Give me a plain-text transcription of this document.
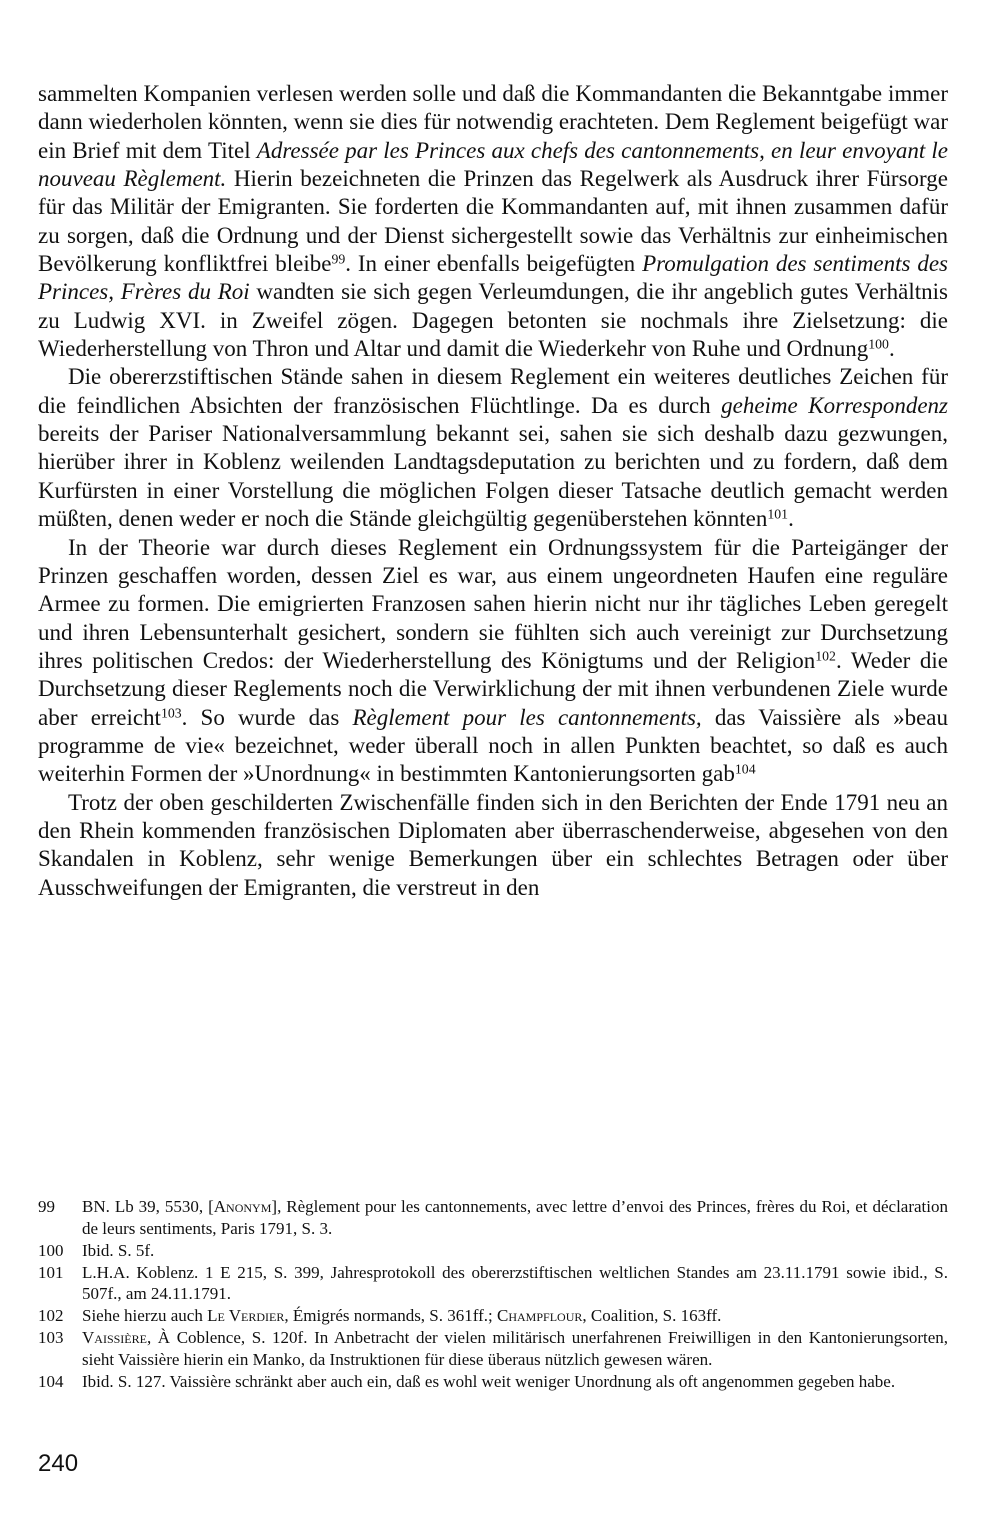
sammelten Kompanien verlesen werden solle und daß die Kommandanten die Bekanntgabe immer dann wiederholen könnten, wenn sie dies für notwendig erachteten. Dem Reglement beigefügt war ein Brief mit dem Titel Adressée par les Princes aux chefs des cantonnements, en leur envoyant le nouveau Règlement. Hierin bezeichneten die Prinzen das Regelwerk als Ausdruck ihrer Fürsorge für das Militär der Emigranten. Sie forderten die Kommandanten auf, mit ihnen zusammen dafür zu sorgen, daß die Ordnung und der Dienst sichergestellt sowie das Verhältnis zur einheimischen Bevölkerung konfliktfrei bleibe$^{99}$. In einer ebenfalls beigefügten Promulgation des sentiments des Princes, Frères du Roi wandten sie sich gegen Verleumdungen, die ihr angeblich gutes Verhältnis zu Ludwig XVI. in Zweifel zögen. Dagegen betonten sie nochmals ihre Zielsetzung: die Wiederherstellung von Thron und Altar und damit die Wiederkehr von Ruhe und Ordnung$^{100}$.

Die obererzstiftischen Stände sahen in diesem Reglement ein weiteres deutliches Zeichen für die feindlichen Absichten der französischen Flüchtlinge. Da es durch geheime Korrespondenz bereits der Pariser Nationalversammlung bekannt sei, sahen sie sich deshalb dazu gezwungen, hierüber ihrer in Koblenz weilenden Landtagsdeputation zu berichten und zu fordern, daß dem Kurfürsten in einer Vorstellung die möglichen Folgen dieser Tatsache deutlich gemacht werden müßten, denen weder er noch die Stände gleichgültig gegenüberstehen könnten$^{101}$.

In der Theorie war durch dieses Reglement ein Ordnungssystem für die Parteigänger der Prinzen geschaffen worden, dessen Ziel es war, aus einem ungeordneten Haufen eine reguläre Armee zu formen. Die emigrierten Franzosen sahen hierin nicht nur ihr tägliches Leben geregelt und ihren Lebensunterhalt gesichert, sondern sie fühlten sich auch vereinigt zur Durchsetzung ihres politischen Credos: der Wiederherstellung des Königtums und der Religion$^{102}$. Weder die Durchsetzung dieser Reglements noch die Verwirklichung der mit ihnen verbundenen Ziele wurde aber erreicht$^{103}$. So wurde das Règlement pour les cantonnements, das Vaissière als »beau programme de vie« bezeichnet, weder überall noch in allen Punkten beachtet, so daß es auch weiterhin Formen der »Unordnung« in bestimmten Kantonierungsorten gab$^{104}$

Trotz der oben geschilderten Zwischenfälle finden sich in den Berichten der Ende 1791 neu an den Rhein kommenden französischen Diplomaten aber überraschenderweise, abgesehen von den Skandalen in Koblenz, sehr wenige Bemerkungen über ein schlechtes Betragen oder über Ausschweifungen der Emigranten, die verstreut in den

99	BN. Lb 39, 5530, [Anonym], Règlement pour les cantonnements, avec lettre d’envoi des Princes, frères du Roi, et déclaration de leurs sentiments, Paris 1791, S. 3.
100	Ibid. S. 5f.
101	L.H.A. Koblenz. 1 E 215, S. 399, Jahresprotokoll des obererzstiftischen weltlichen Standes am 23.11.1791 sowie ibid., S. 507f., am 24.11.1791.
102	Siehe hierzu auch Le Verdier, Émigrés normands, S. 361ff.; Champflour, Coalition, S. 163ff.
103	Vaissière, À Coblence, S. 120f. In Anbetracht der vielen militärisch unerfahrenen Freiwilligen in den Kantonierungsorten, sieht Vaissière hierin ein Manko, da Instruktionen für diese überaus nützlich gewesen wären.
104	Ibid. S. 127. Vaissière schränkt aber auch ein, daß es wohl weit weniger Unordnung als oft angenommen gegeben habe.
240
